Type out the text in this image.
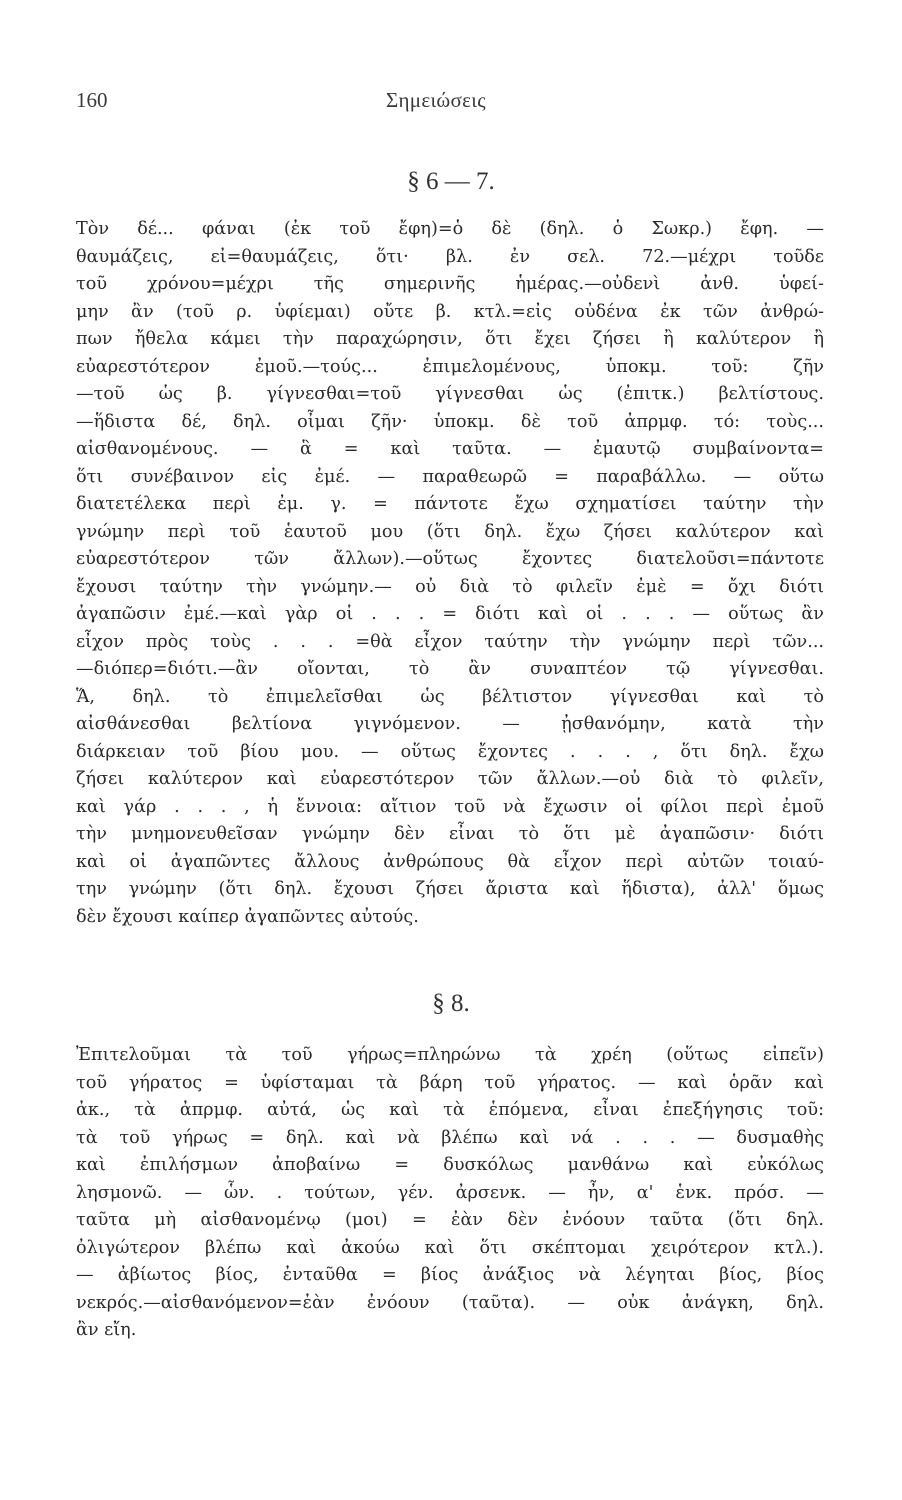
160	Σημειώσεις
§ 6 — 7.
Τὸν δέ... φάναι (ἐκ τοῦ ἔφη)=ὁ δὲ (δηλ. ὁ Σωκρ.) ἔφη. —
θαυμάζεις, εἰ=θαυμάζεις, ὅτι· βλ. ἐν σελ. 72.—μέχρι τοῦδε
τοῦ χρόνου=μέχρι τῆς σημερινῆς ἡμέρας.—οὐδενὶ ἀνθ. ὑφεί-
μην ἂν (τοῦ ρ. ὑφίεμαι) οὔτε β. κτλ.=εἰς οὐδένα ἐκ τῶν ἀνθρώ-
πων ἤθελα κάμει τὴν παραχώρησιν, ὅτι ἔχει ζήσει ἢ καλύτερον ἢ
εὐαρεστότερον ἐμοῦ.—τούς... ἐπιμελομένους, ὑποκμ. τοῦ: ζῆν
—τοῦ ὡς β. γίγνεσθαι=τοῦ γίγνεσθαι ὡς (ἐπιτκ.) βελτίστους.
—ἥδιστα δέ, δηλ. οἶμαι ζῆν· ὑποκμ. δὲ τοῦ ἀπρμφ. τό: τοὺς...
αἰσθανομένους. — ἃ = καὶ ταῦτα. — ἐμαυτῷ συμβαίνοντα=
ὅτι συνέβαινον εἰς ἐμέ. — παραθεωρῶ = παραβάλλω. — οὕτω
διατετέλεκα περὶ ἐμ. γ. = πάντοτε ἔχω σχηματίσει ταύτην τὴν
γνώμην περὶ τοῦ ἑαυτοῦ μου (ὅτι δηλ. ἔχω ζήσει καλύτερον καὶ
εὐαρεστότερον τῶν ἄλλων).—οὕτως ἔχοντες διατελοῦσι=πάντοτε
ἔχουσι ταύτην τὴν γνώμην.— οὐ διὰ τὸ φιλεῖν ἐμὲ = ὄχι διότι
ἀγαπῶσιν ἐμέ.—καὶ γὰρ οἱ . . . = διότι καὶ οἱ . . . — οὕτως ἂν
εἶχον πρὸς τοὺς . . . =θὰ εἶχον ταύτην τὴν γνώμην περὶ τῶν...
—διόπερ=διότι.—ἂν οἴονται, τὸ ἂν συναπτέον τῷ γίγνεσθαι.
Ἅ, δηλ. τὸ ἐπιμελεῖσθαι ὡς βέλτιστον γίγνεσθαι καὶ τὸ
αἰσθάνεσθαι βελτίονα γιγνόμενον. — ᾐσθανόμην, κατὰ τὴν
διάρκειαν τοῦ βίου μου. — οὕτως ἔχοντες . . . , ὅτι δηλ. ἔχω
ζήσει καλύτερον καὶ εὐαρεστότερον τῶν ἄλλων.—οὐ διὰ τὸ φιλεῖν,
καὶ γάρ . . . , ἡ ἔννοια: αἴτιον τοῦ νὰ ἔχωσιν οἱ φίλοι περὶ ἐμοῦ
τὴν μνημονευθεῖσαν γνώμην δὲν εἶναι τὸ ὅτι μὲ ἀγαπῶσιν· διότι
καὶ οἱ ἀγαπῶντες ἄλλους ἀνθρώπους θὰ εἶχον περὶ αὐτῶν τοιαύ-
την γνώμην (ὅτι δηλ. ἔχουσι ζήσει ἄριστα καὶ ἥδιστα), ἀλλ' ὅμως
δὲν ἔχουσι καίπερ ἀγαπῶντες αὐτούς.
§ 8.
Ἐπιτελοῦμαι τὰ τοῦ γήρως=πληρώνω τὰ χρέη (οὕτως εἰπεῖν)
τοῦ γήρατος = ὑφίσταμαι τὰ βάρη τοῦ γήρατος. — καὶ ὁρᾶν καὶ
ἀκ., τὰ ἀπρμφ. αὐτά, ὡς καὶ τὰ ἑπόμενα, εἶναι ἐπεξήγησις τοῦ:
τὰ τοῦ γήρως = δηλ. καὶ νὰ βλέπω καὶ νά . . . — δυσμαθὴς
καὶ ἐπιλήσμων ἀποβαίνω = δυσκόλως μανθάνω καὶ εὐκόλως
λησμονῶ. — ὧν. . τούτων, γέν. ἀρσενκ. — ἦν, α' ἑνκ. πρόσ. —
ταῦτα μὴ αἰσθανομένῳ (μοι) = ἐὰν δὲν ἐνόουν ταῦτα (ὅτι δηλ.
ὀλιγώτερον βλέπω καὶ ἀκούω καὶ ὅτι σκέπτομαι χειρότερον κτλ.).
— ἀβίωτος βίος, ἐνταῦθα = βίος ἀνάξιος νὰ λέγηται βίος, βίος
νεκρός.—αἰσθανόμενον=ἐὰν ἐνόουν (ταῦτα). — οὐκ ἀνάγκη, δηλ.
ἂν εἴη.
